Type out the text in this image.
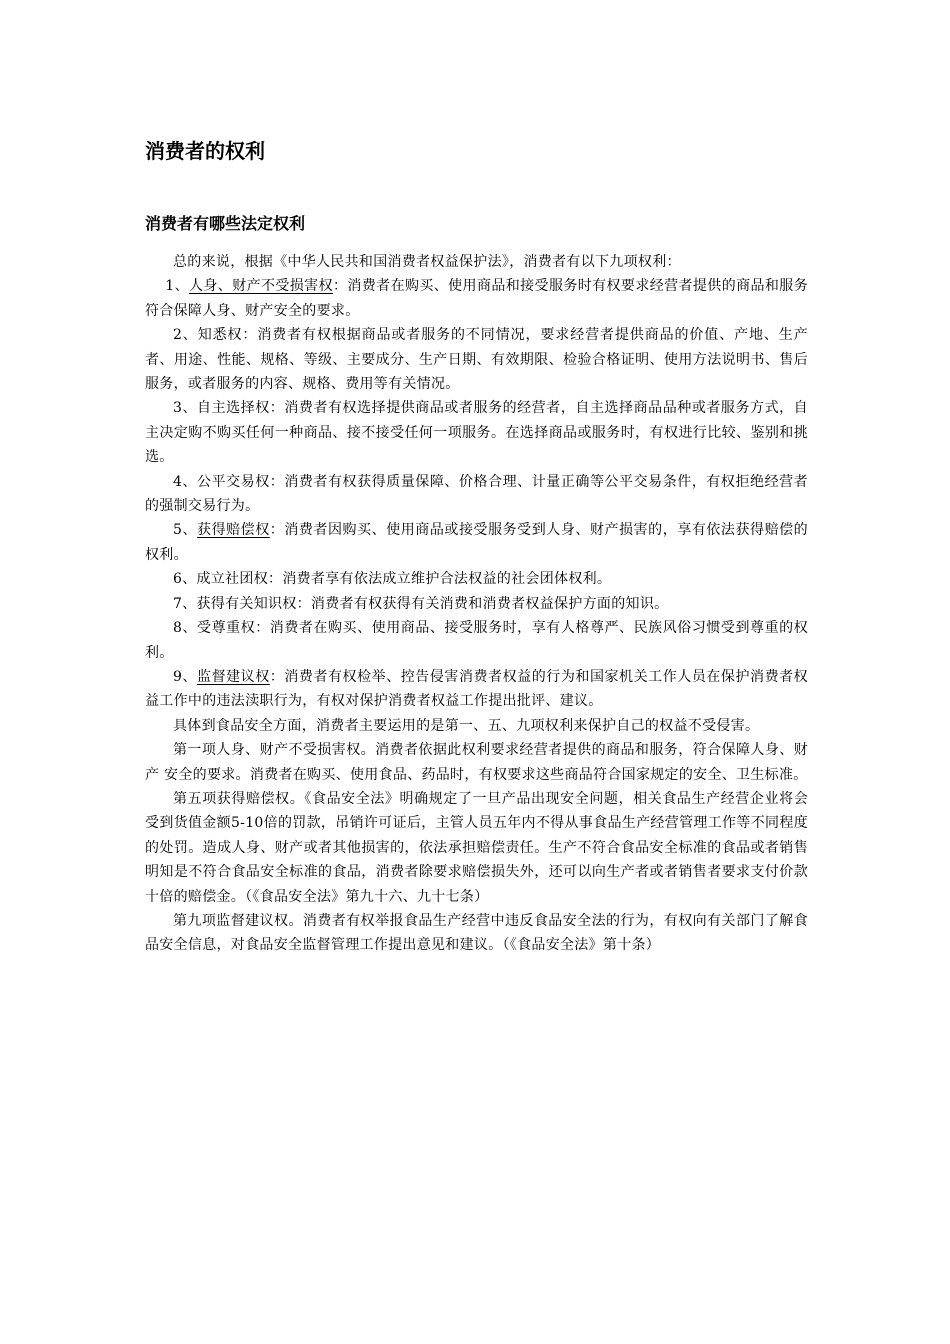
消费者的权利
消费者有哪些法定权利

总的来说，根据《中华人民共和国消费者权益保护法》，消费者有以下九项权利：

1、人身、财产不受损害权：消费者在购买、使用商品和接受服务时有权要求经营者提供的商品和服务符合保障人身、财产安全的要求。

2、知悉权：消费者有权根据商品或者服务的不同情况，要求经营者提供商品的价值、产地、生产者、用途、性能、规格、等级、主要成分、生产日期、有效期限、检验合格证明、使用方法说明书、售后服务，或者服务的内容、规格、费用等有关情况。

3、自主选择权：消费者有权选择提供商品或者服务的经营者，自主选择商品品种或者服务方式，自主决定购不购买任何一种商品、接不接受任何一项服务。在选择商品或服务时，有权进行比较、鉴别和挑选。

4、公平交易权：消费者有权获得质量保障、价格合理、计量正确等公平交易条件，有权拒绝经营者的强制交易行为。

5、获得赔偿权：消费者因购买、使用商品或接受服务受到人身、财产损害的，享有依法获得赔偿的权利。

6、成立社团权：消费者享有依法成立维护合法权益的社会团体权利。

7、获得有关知识权：消费者有权获得有关消费和消费者权益保护方面的知识。

8、受尊重权：消费者在购买、使用商品、接受服务时，享有人格尊严、民族风俗习惯受到尊重的权利。

9、监督建议权：消费者有权检举、控告侵害消费者权益的行为和国家机关工作人员在保护消费者权益工作中的违法渎职行为，有权对保护消费者权益工作提出批评、建议。

具体到食品安全方面，消费者主要运用的是第一、五、九项权利来保护自己的权益不受侵害。

第一项人身、财产不受损害权。消费者依据此权利要求经营者提供的商品和服务，符合保障人身、财产 安全的要求。消费者在购买、使用食品、药品时，有权要求这些商品符合国家规定的安全、卫生标准。

第五项获得赔偿权。《食品安全法》明确规定了一旦产品出现安全问题，相关食品生产经营企业将会受到货值金额5-10倍的罚款，吊销许可证后，主管人员五年内不得从事食品生产经营管理工作等不同程度的处罚。造成人身、财产或者其他损害的，依法承担赔偿责任。生产不符合食品安全标准的食品或者销售明知是不符合食品安全标准的食品，消费者除要求赔偿损失外，还可以向生产者或者销售者要求支付价款十倍的赔偿金。（《食品安全法》第九十六、九十七条）

第九项监督建议权。消费者有权举报食品生产经营中违反食品安全法的行为，有权向有关部门了解食品安全信息，对食品安全监督管理工作提出意见和建议。（《食品安全法》第十条）
